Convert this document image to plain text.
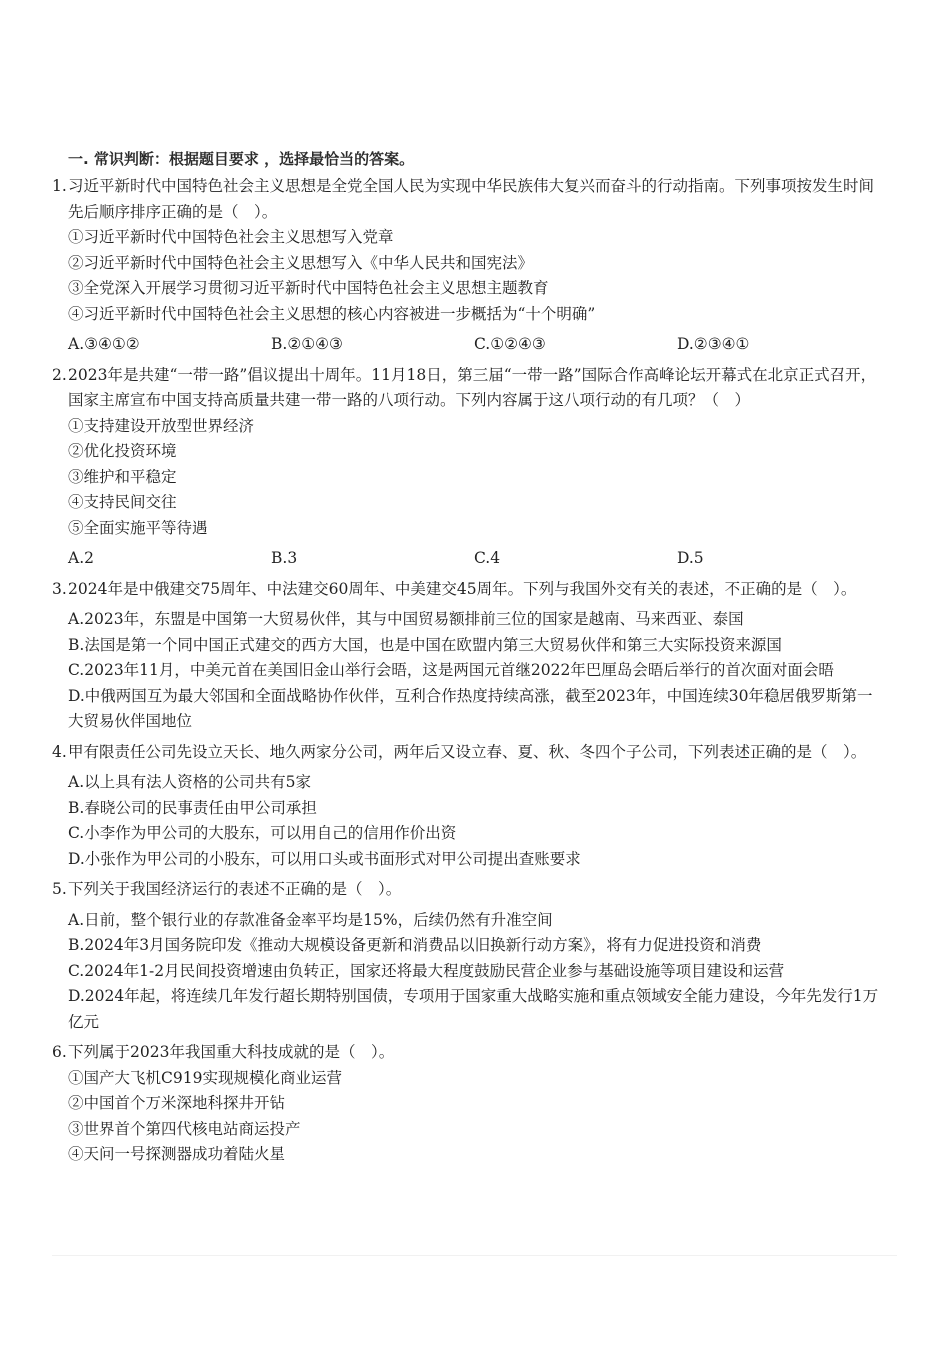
一. 常识判断：根据题目要求 ，选择最恰当的答案。
1. 习近平新时代中国特色社会主义思想是全党全国人民为实现中华民族伟大复兴而奋斗的行动指南。下列事项按发生时间先后顺序排序正确的是（　）。
①习近平新时代中国特色社会主义思想写入党章
②习近平新时代中国特色社会主义思想写入《中华人民共和国宪法》
③全党深入开展学习贯彻习近平新时代中国特色社会主义思想主题教育
④习近平新时代中国特色社会主义思想的核心内容被进一步概括为“十个明确”
A.③④①②	B.②①④③	C.①②④③	D.②③④①
2. 2023年是共建“一带一路”倡议提出十周年。11月18日，第三届“一带一路”国际合作高峰论坛开幕式在北京正式召开，国家主席宣布中国支持高质量共建一带一路的八项行动。下列内容属于这八项行动的有几项？（　）
①支持建设开放型世界经济
②优化投资环境
③维护和平稳定
④支持民间交往
⑤全面实施平等待遇
A.2	B.3	C.4	D.5
3. 2024年是中俄建交75周年、中法建交60周年、中美建交45周年。下列与我国外交有关的表述，不正确的是（　）。
A.2023年，东盟是中国第一大贸易伙伴，其与中国贸易额排前三位的国家是越南、马来西亚、泰国
B.法国是第一个同中国正式建交的西方大国，也是中国在欧盟内第三大贸易伙伴和第三大实际投资来源国
C.2023年11月，中美元首在美国旧金山举行会晤，这是两国元首继2022年巴厘岛会晤后举行的首次面对面会晤
D.中俄两国互为最大邻国和全面战略协作伙伴，互利合作热度持续高涨，截至2023年，中国连续30年稳居俄罗斯第一大贸易伙伴国地位
4. 甲有限责任公司先设立天长、地久两家分公司，两年后又设立春、夏、秋、冬四个子公司，下列表述正确的是（　）。
A.以上具有法人资格的公司共有5家
B.春晓公司的民事责任由甲公司承担
C.小李作为甲公司的大股东，可以用自己的信用作价出资
D.小张作为甲公司的小股东，可以用口头或书面形式对甲公司提出查账要求
5. 下列关于我国经济运行的表述不正确的是（　）。
A.日前，整个银行业的存款准备金率平均是15%，后续仍然有升准空间
B.2024年3月国务院印发《推动大规模设备更新和消费品以旧换新行动方案》，将有力促进投资和消费
C.2024年1-2月民间投资增速由负转正，国家还将最大程度鼓励民营企业参与基础设施等项目建设和运营
D.2024年起，将连续几年发行超长期特别国债，专项用于国家重大战略实施和重点领域安全能力建设，今年先发行1万亿元
6. 下列属于2023年我国重大科技成就的是（　）。
①国产大飞机C919实现规模化商业运营
②中国首个万米深地科探井开钻
③世界首个第四代核电站商运投产
④天问一号探测器成功着陆火星
